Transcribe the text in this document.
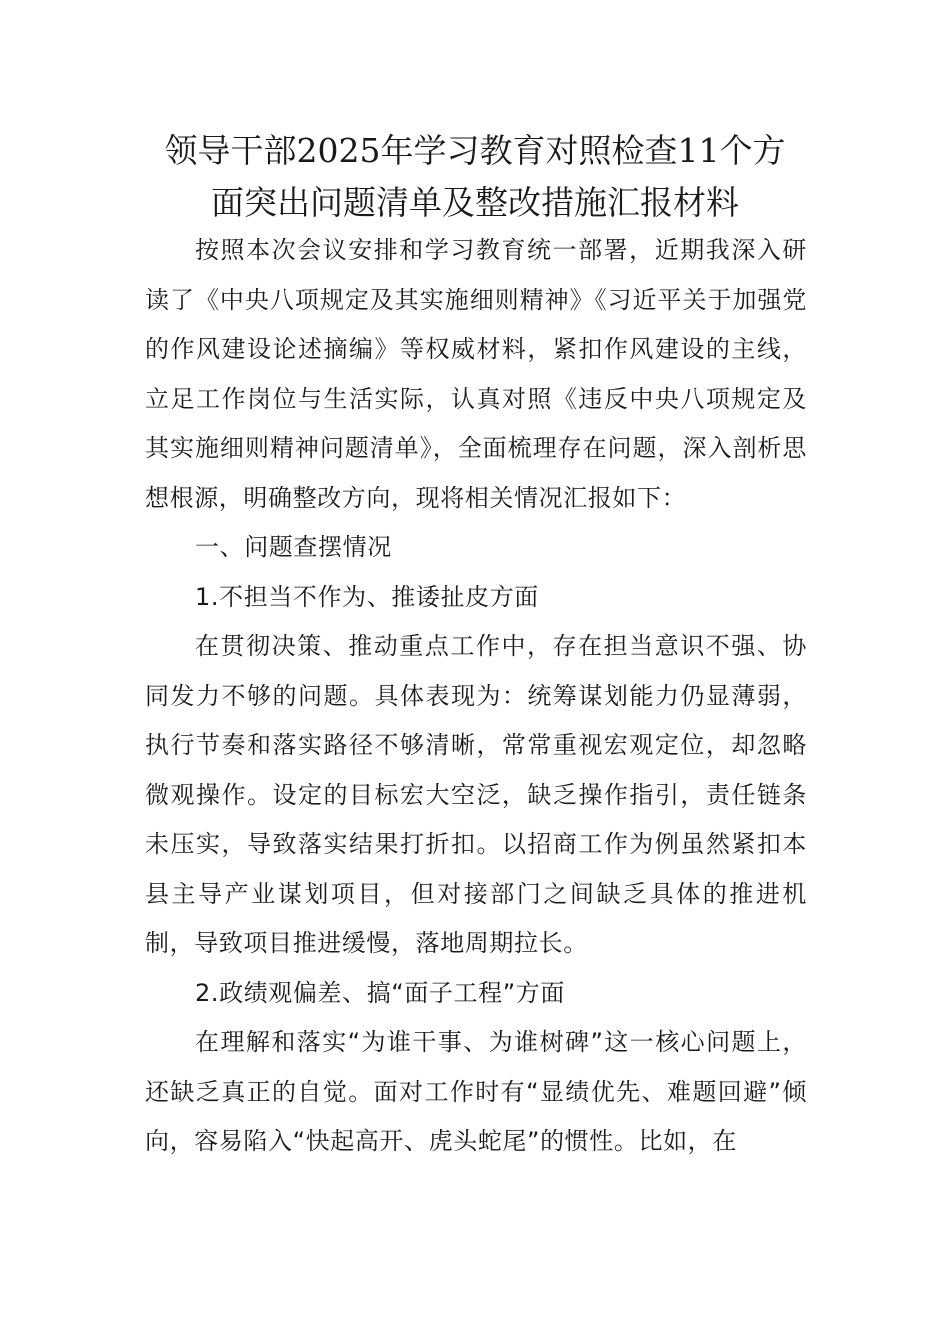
领导干部2025年学习教育对照检查11个方
面突出问题清单及整改措施汇报材料

按照本次会议安排和学习教育统一部署，近期我深入研读了《中央八项规定及其实施细则精神》《习近平关于加强党的作风建设论述摘编》等权威材料，紧扣作风建设的主线，立足工作岗位与生活实际，认真对照《违反中央八项规定及其实施细则精神问题清单》，全面梳理存在问题，深入剖析思想根源，明确整改方向，现将相关情况汇报如下：

一、问题查摆情况

1.不担当不作为、推诿扯皮方面

在贯彻决策、推动重点工作中，存在担当意识不强、协同发力不够的问题。具体表现为：统筹谋划能力仍显薄弱，执行节奏和落实路径不够清晰，常常重视宏观定位，却忽略微观操作。设定的目标宏大空泛，缺乏操作指引，责任链条未压实，导致落实结果打折扣。以招商工作为例虽然紧扣本县主导产业谋划项目，但对接部门之间缺乏具体的推进机制，导致项目推进缓慢，落地周期拉长。

2.政绩观偏差、搞“面子工程”方面

在理解和落实“为谁干事、为谁树碑”这一核心问题上，还缺乏真正的自觉。面对工作时有“显绩优先、难题回避”倾向，容易陷入“快起高开、虎头蛇尾”的惯性。比如，在
